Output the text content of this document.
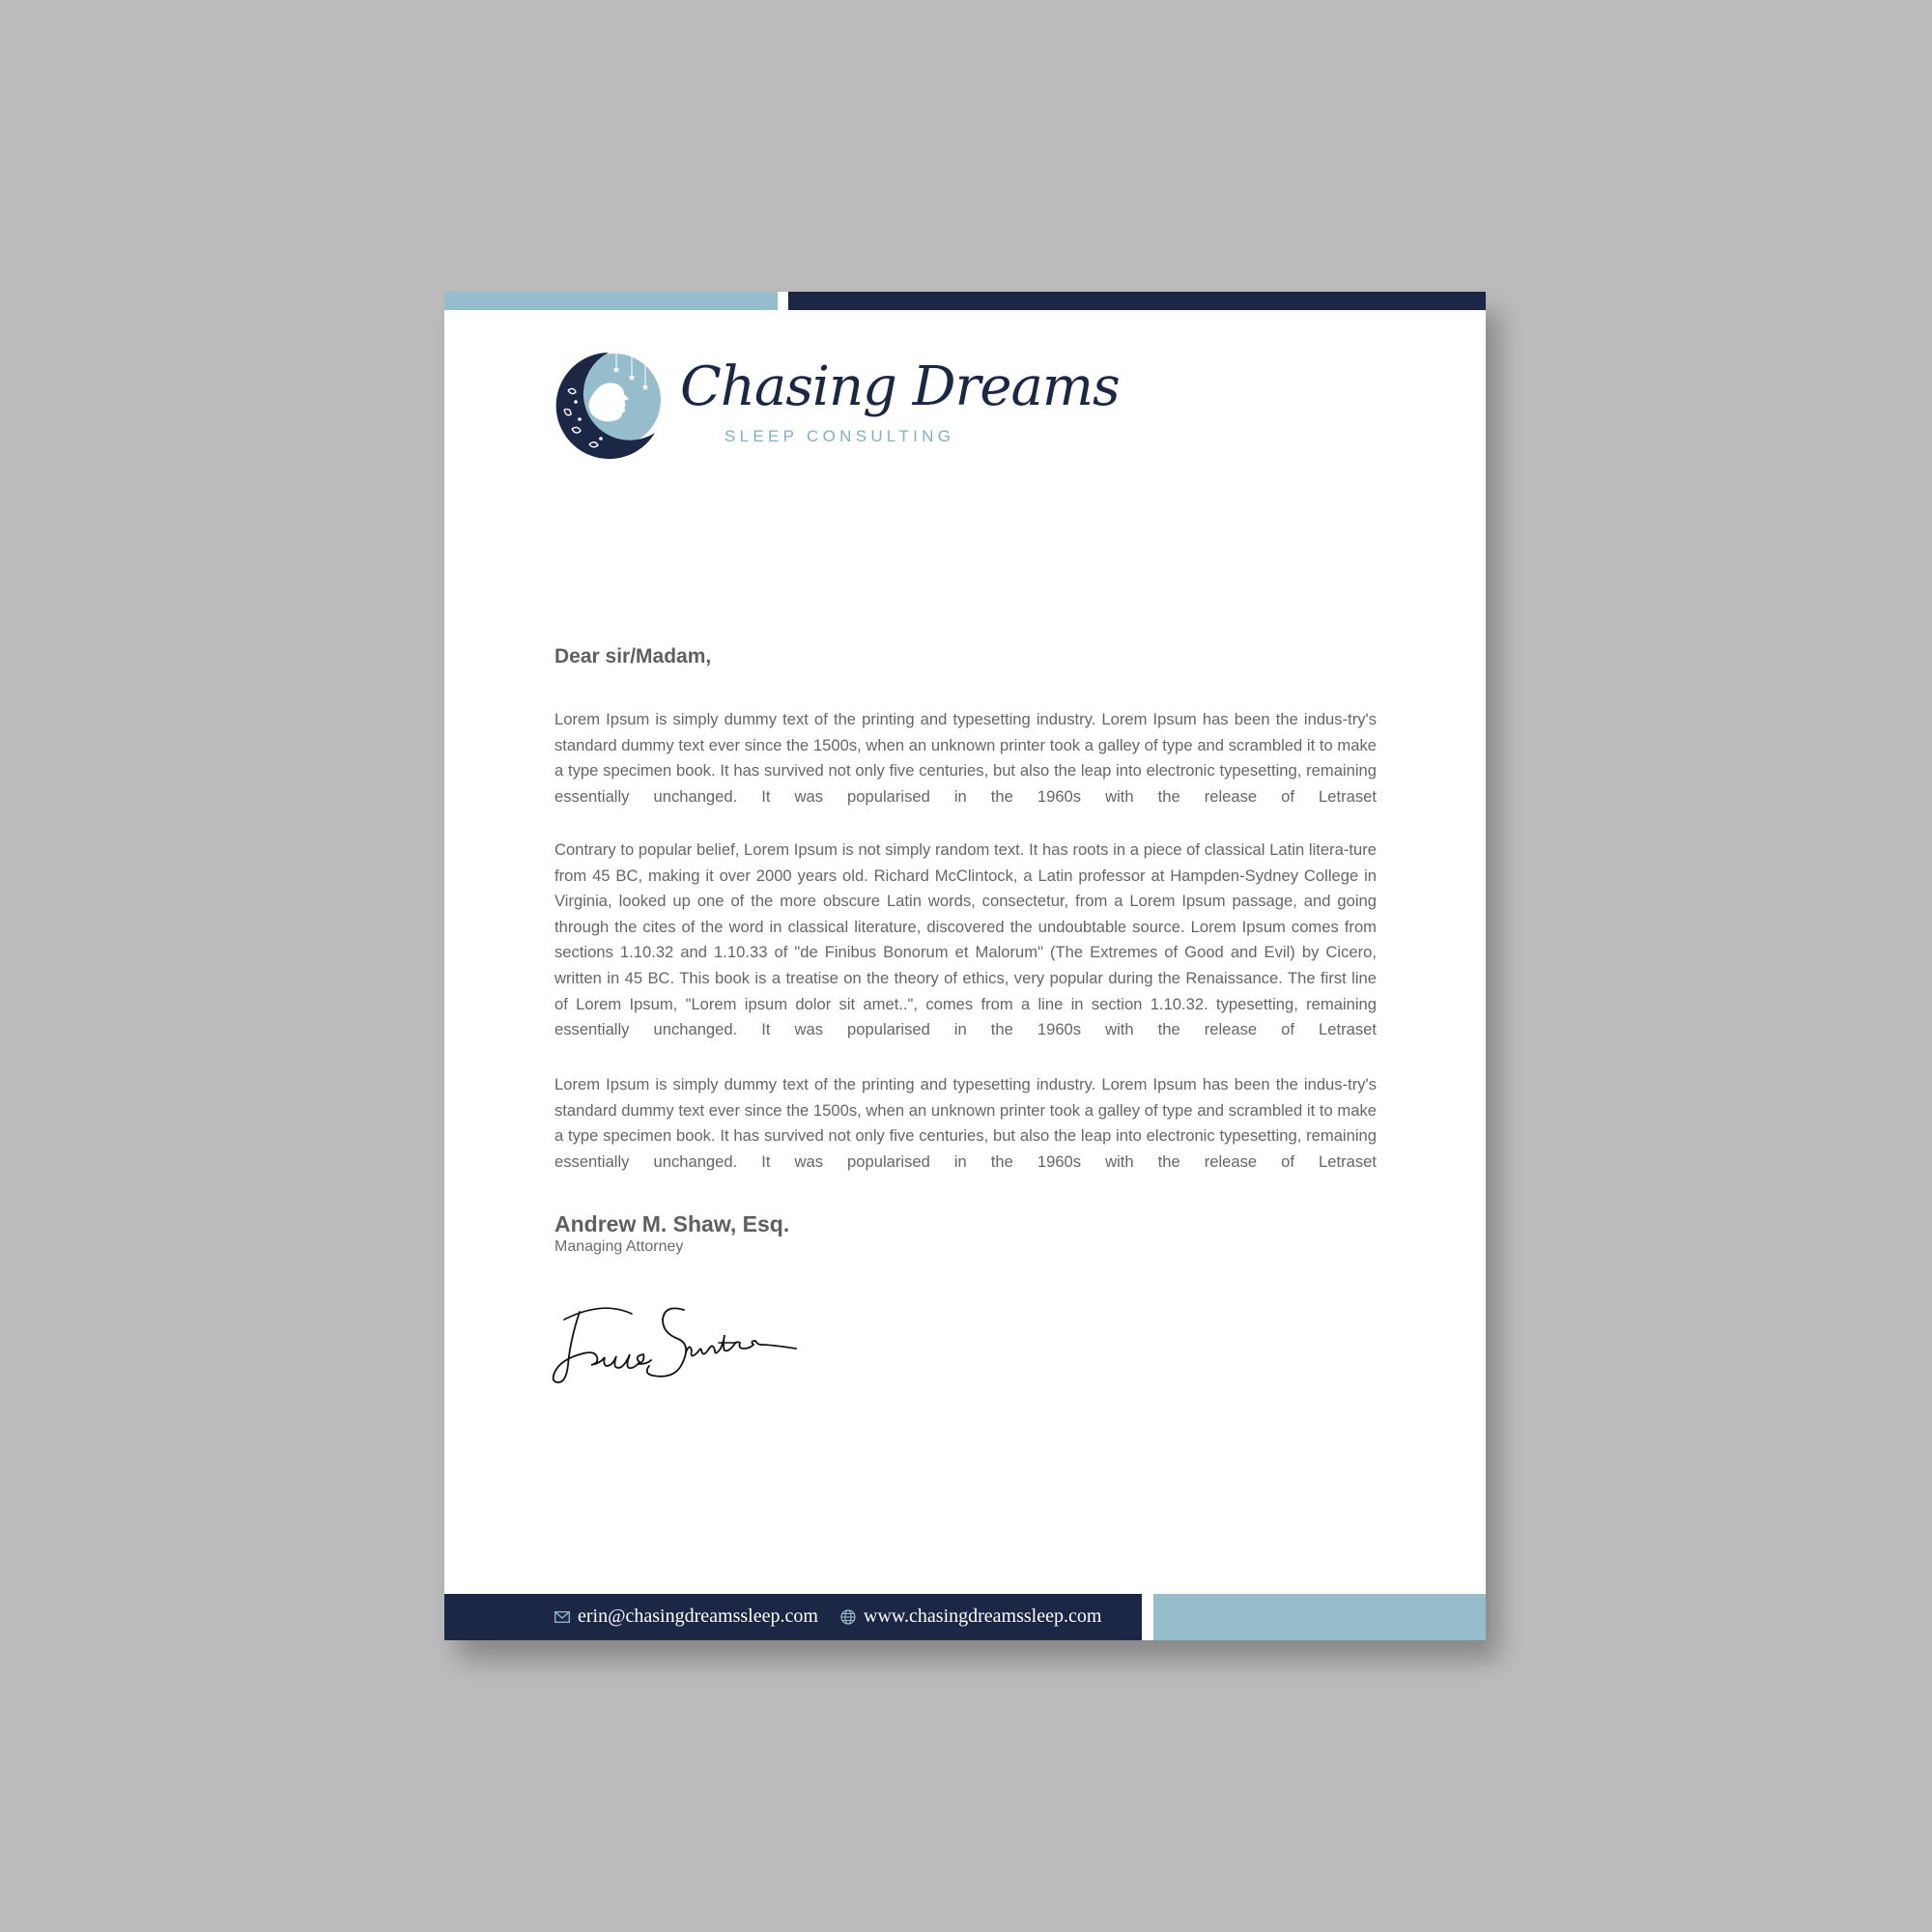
★
★
★ Chasing Dreams
SLEEP CONSULTING
Dear sir/Madam,

Lorem Ipsum is simply dummy text of the printing and typesetting industry. Lorem Ipsum has been the indus-try's standard dummy text ever since the 1500s, when an unknown printer took a galley of type and scrambled it to make a type specimen book. It has survived not only five centuries, but also the leap into electronic typesetting, remaining essentially unchanged. It was popularised in the 1960s with the release of Letraset

Contrary to popular belief, Lorem Ipsum is not simply random text. It has roots in a piece of classical Latin litera-ture from 45 BC, making it over 2000 years old. Richard McClintock, a Latin professor at Hampden-Sydney College in Virginia, looked up one of the more obscure Latin words, consectetur, from a Lorem Ipsum passage, and going through the cites of the word in classical literature, discovered the undoubtable source. Lorem Ipsum comes from sections 1.10.32 and 1.10.33 of "de Finibus Bonorum et Malorum" (The Extremes of Good and Evil) by Cicero, written in 45 BC. This book is a treatise on the theory of ethics, very popular during the Renaissance. The first line of Lorem Ipsum, "Lorem ipsum dolor sit amet..", comes from a line in section 1.10.32. typesetting, remaining essentially unchanged. It was popularised in the 1960s with the release of Letraset

Lorem Ipsum is simply dummy text of the printing and typesetting industry. Lorem Ipsum has been the indus-try's standard dummy text ever since the 1500s, when an unknown printer took a galley of type and scrambled it to make a type specimen book. It has survived not only five centuries, but also the leap into electronic typesetting, remaining essentially unchanged. It was popularised in the 1960s with the release of Letraset

Andrew M. Shaw, Esq.
Managing Attorney
erin@chasingdreamssleep.com www.chasingdreamssleep.com
